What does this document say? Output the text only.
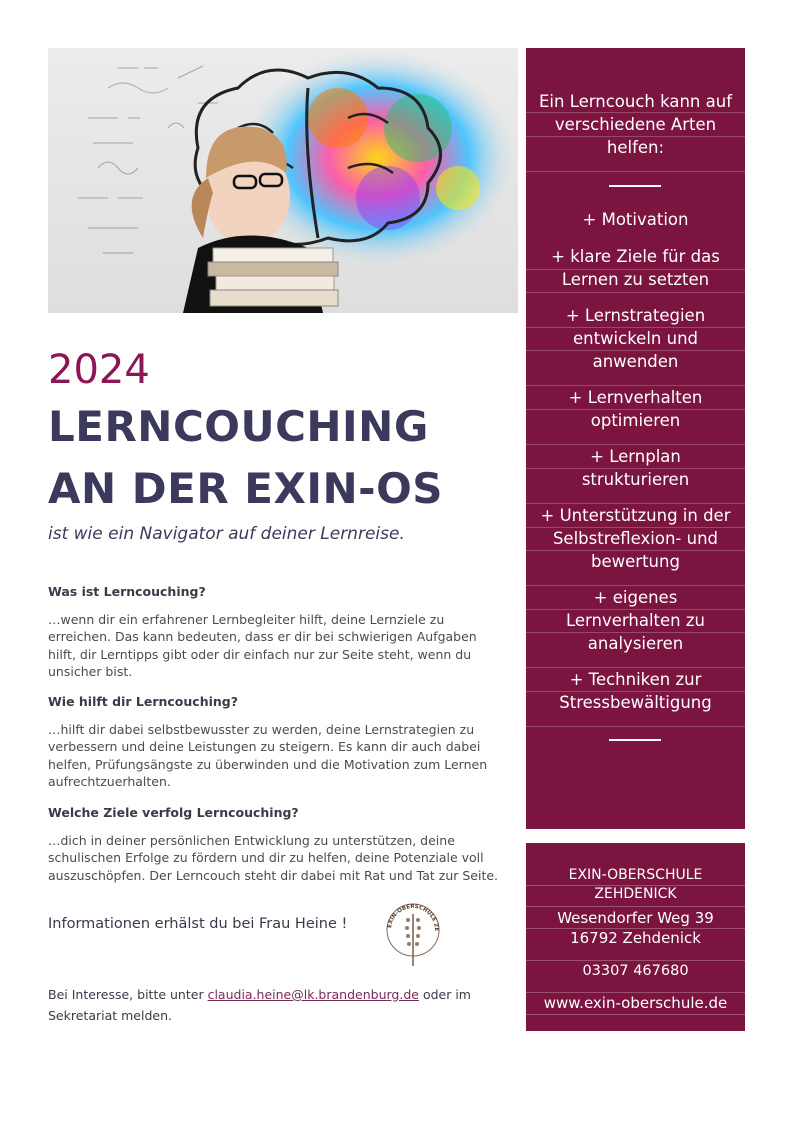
2024
LERNCOUCHING
AN DER EXIN-OS

ist wie ein Navigator auf deiner Lernreise.

Was ist Lerncouching?

…wenn dir ein erfahrener Lernbegleiter hilft, deine Lernziele zu erreichen. Das kann bedeuten, dass er dir bei schwierigen Aufgaben hilft, dir Lerntipps gibt oder dir einfach nur zur Seite steht, wenn du unsicher bist.

Wie hilft dir Lerncouching?

…hilft dir dabei selbstbewusster zu werden, deine Lernstrategien zu verbessern und deine Leistungen zu steigern. Es kann dir auch dabei helfen, Prüfungsängste zu überwinden und die Motivation zum Lernen aufrechtzuerhalten.

Welche Ziele verfolg Lerncouching?

…dich in deiner persönlichen Entwicklung zu unterstützen, deine schulischen Erfolge zu fördern und dir zu helfen, deine Potenziale voll auszuschöpfen. Der Lerncouch steht dir dabei mit Rat und Tat zur Seite.

Informationen erhälst du bei Frau Heine !	EXIN-OBERSCHULE ZE

Bei Interesse, bitte unter claudia.heine@lk.brandenburg.de oder im Sekretariat melden.

Ein Lerncouch kann auf verschiedene Arten helfen:

+ Motivation

+ klare Ziele für das Lernen zu setzten

+ Lernstrategien entwickeln und anwenden

+ Lernverhalten optimieren

+ Lernplan strukturieren

+ Unterstützung in der Selbstreflexion- und bewertung

+ eigenes Lernverhalten zu analysieren

+ Techniken zur Stressbewältigung

EXIN-OBERSCHULE

ZEHDENICK

Wesendorfer Weg 39

16792 Zehdenick

03307 467680

www.exin-oberschule.de
